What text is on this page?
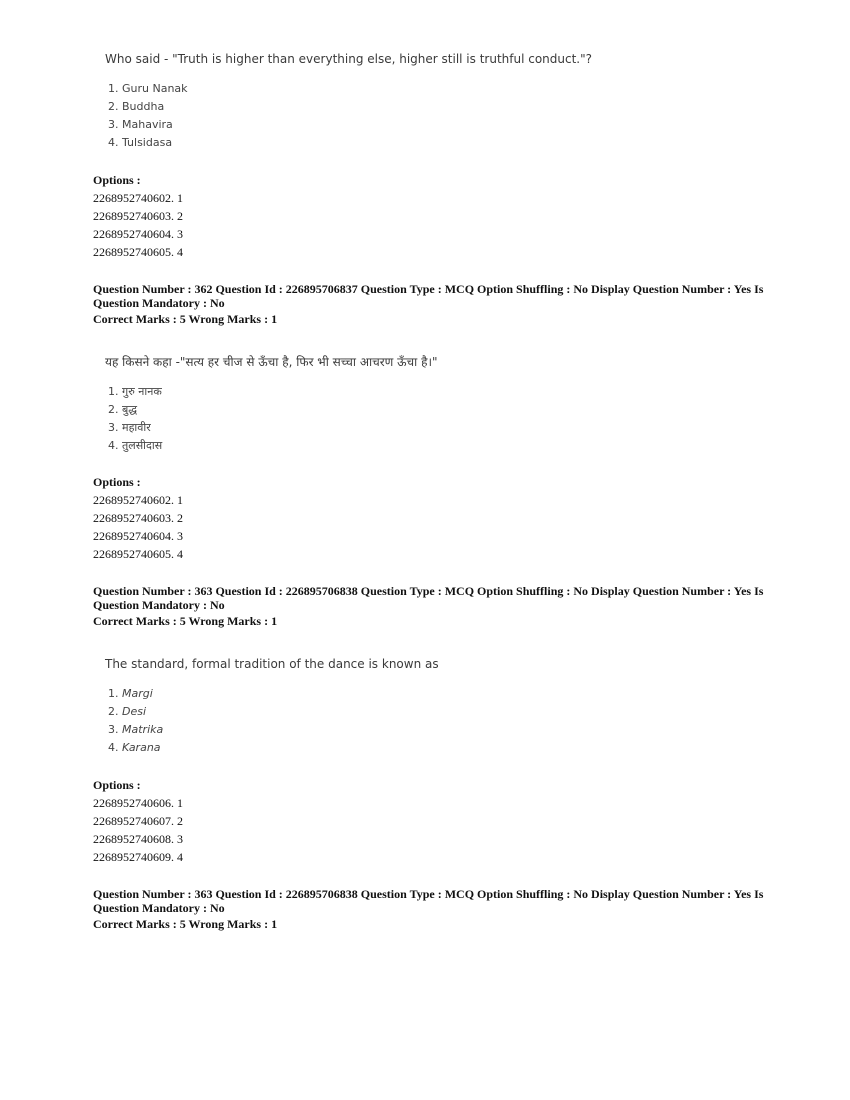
Who said - "Truth is higher than everything else, higher still is truthful conduct."?

1. Guru Nanak
2. Buddha
3. Mahavira
4. Tulsidasa
Options :
2268952740602. 1
2268952740603. 2
2268952740604. 3
2268952740605. 4
Question Number : 362 Question Id : 226895706837 Question Type : MCQ Option Shuffling : No Display Question Number : Yes Is Question Mandatory : No
Correct Marks : 5 Wrong Marks : 1

यह किसने कहा -"सत्य हर चीज से ऊँचा है, फिर भी सच्चा आचरण ऊँचा है।"

1. गुरु नानक
2. बुद्ध
3. महावीर
4. तुलसीदास
Options :
2268952740602. 1
2268952740603. 2
2268952740604. 3
2268952740605. 4
Question Number : 363 Question Id : 226895706838 Question Type : MCQ Option Shuffling : No Display Question Number : Yes Is Question Mandatory : No
Correct Marks : 5 Wrong Marks : 1

The standard, formal tradition of the dance is known as

1. Margi
2. Desi
3. Matrika
4. Karana
Options :
2268952740606. 1
2268952740607. 2
2268952740608. 3
2268952740609. 4
Question Number : 363 Question Id : 226895706838 Question Type : MCQ Option Shuffling : No Display Question Number : Yes Is Question Mandatory : No
Correct Marks : 5 Wrong Marks : 1
